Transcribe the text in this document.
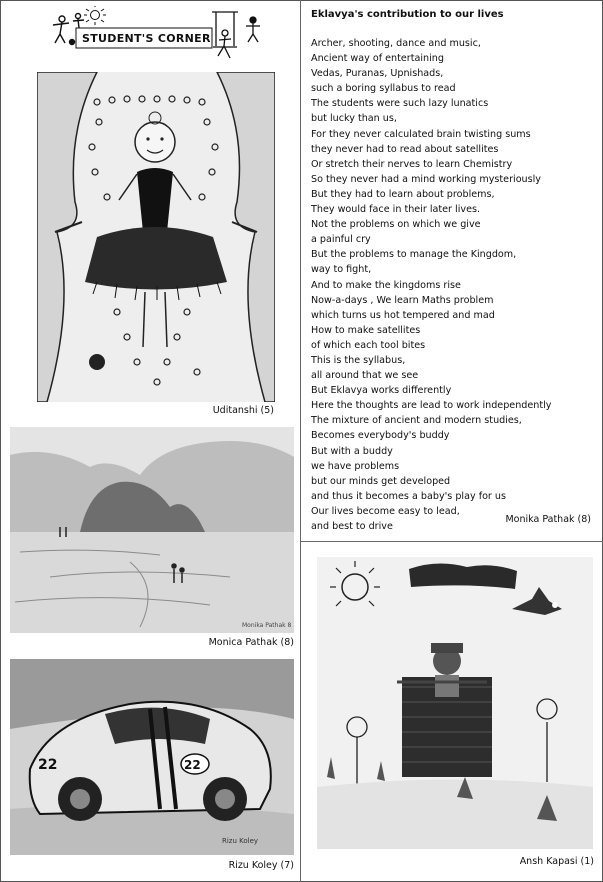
STUDENT'S CORNER
Uditanshi (5)
Monika Pathak 8
Monica Pathak (8)
22
22
Rizu Koley
Rizu Koley (7)
Eklavya's contribution to our lives
Archer, shooting, dance and music,
Ancient way of entertaining
Vedas, Puranas, Upnishads,
such a boring syllabus to read
The students were such lazy lunatics
but lucky than us,
For they never calculated brain twisting sums
they never had to read about satellites
Or stretch their nerves to learn Chemistry
So they never had a mind working mysteriously
But they had to learn about problems,
They would face in their later lives.
Not the problems on which we give
a painful cry
But the problems to manage the Kingdom,
way to fight,
And to make the kingdoms rise
Now-a-days , We learn Maths problem
which turns us hot tempered and mad
How to make satellites
of which each tool bites
This is the syllabus,
all around that we see
But Eklavya works differently
Here the thoughts are lead to work independently
The mixture of ancient and modern studies,
Becomes everybody's buddy
But with a buddy
we have problems
but our minds get developed
and thus it becomes a baby's play for us
Our lives become easy to lead,
and best to drive
Monika Pathak (8)
Ansh Kapasi (1)
